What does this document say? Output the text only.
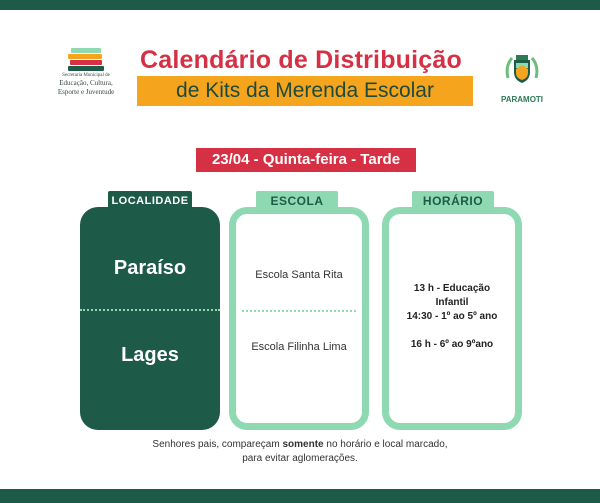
Secretaria Municipal de
Educação, Cultura,
Esporte e Juventude
Calendário de Distribuição
de Kits da Merenda Escolar	PARAMOTI
23/04 - Quinta-feira - Tarde
Paraíso
Lages
LOCALIDADE
Escola Santa Rita
Escola Filinha Lima
ESCOLA
13 h - Educação
Infantil
14:30 - 1º ao 5º ano
16 h - 6º ao 9ºano
HORÁRIO
Senhores pais, compareçam somente no horário e local marcado,
para evitar aglomerações.
